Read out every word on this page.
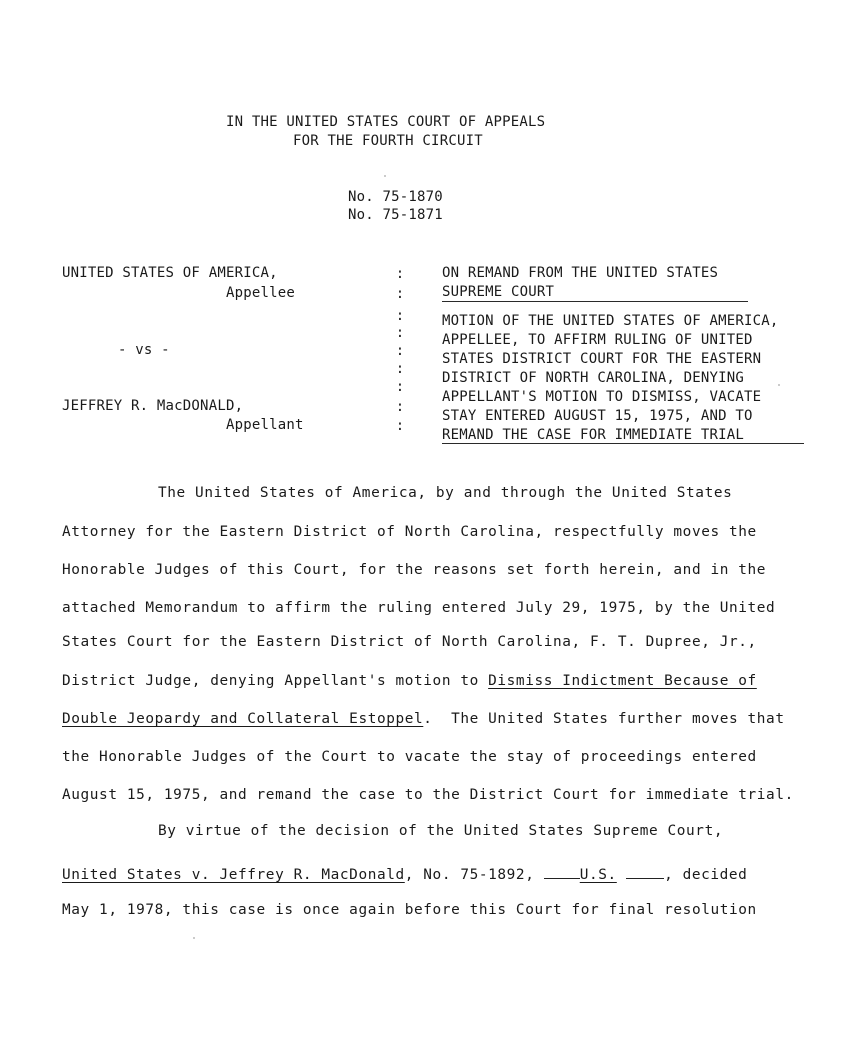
IN THE UNITED STATES COURT OF APPEALS
FOR THE FOURTH CIRCUIT
No. 75-1870
No. 75-1871
UNITED STATES OF AMERICA,
Appellee
- vs -
JEFFREY R. MacDONALD,
Appellant
:
:
:
:
:
:
:
:
:
ON REMAND FROM THE UNITED STATES
SUPREME COURT
MOTION OF THE UNITED STATES OF AMERICA,
APPELLEE, TO AFFIRM RULING OF UNITED
STATES DISTRICT COURT FOR THE EASTERN
DISTRICT OF NORTH CAROLINA, DENYING
APPELLANT'S MOTION TO DISMISS, VACATE
STAY ENTERED AUGUST 15, 1975, AND TO
REMAND THE CASE FOR IMMEDIATE TRIAL
The United States of America, by and through the United States
Attorney for the Eastern District of North Carolina, respectfully moves the
Honorable Judges of this Court, for the reasons set forth herein, and in the
attached Memorandum to affirm the ruling entered July 29, 1975, by the United
States Court for the Eastern District of North Carolina, F. T. Dupree, Jr.,
District Judge, denying Appellant's motion to Dismiss Indictment Because of
Double Jeopardy and Collateral Estoppel.  The United States further moves that
the Honorable Judges of the Court to vacate the stay of proceedings entered
August 15, 1975, and remand the case to the District Court for immediate trial.
By virtue of the decision of the United States Supreme Court,
United States v. Jeffrey R. MacDonald, No. 75-1892,	U.S.	, decided
May 1, 1978, this case is once again before this Court for final resolution
